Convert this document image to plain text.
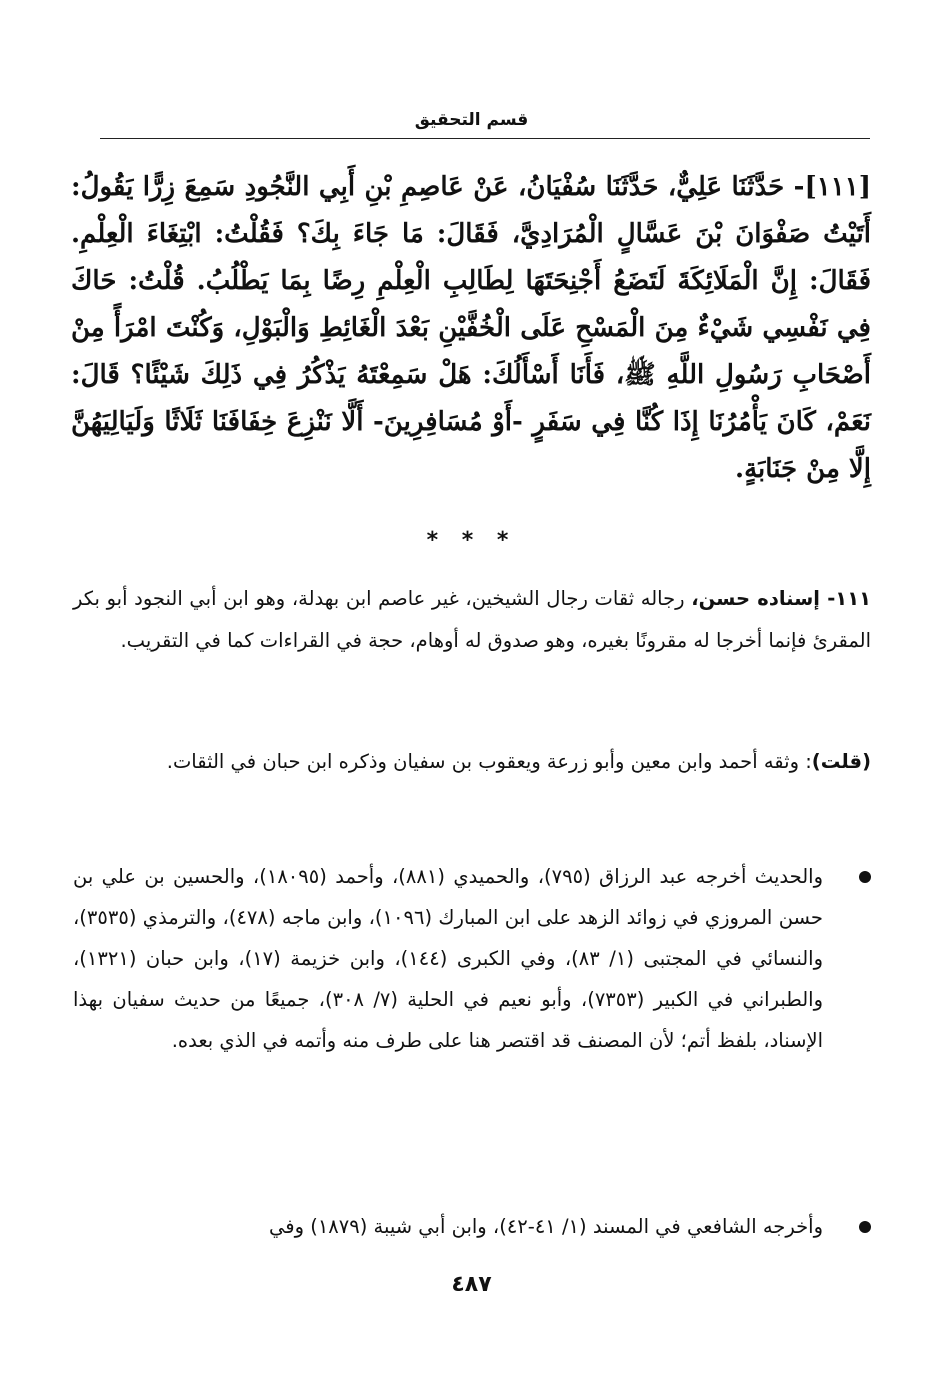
قسم التحقيق

[١١١]- حَدَّثَنَا عَلِيٌّ، حَدَّثَنَا سُفْيَانُ، عَنْ عَاصِمِ بْنِ أَبِي النَّجُودِ سَمِعَ زِرًّا يَقُولُ: أَتَيْتُ صَفْوَانَ بْنَ عَسَّالٍ الْمُرَادِيَّ، فَقَالَ: مَا جَاءَ بِكَ؟ فَقُلْتُ: ابْتِغَاءَ الْعِلْمِ. فَقَالَ: إِنَّ الْمَلَائِكَةَ لَتَضَعُ أَجْنِحَتَهَا لِطَالِبِ الْعِلْمِ رِضًا بِمَا يَطْلُبُ. قُلْتُ: حَاكَ فِي نَفْسِي شَيْءٌ مِنَ الْمَسْحِ عَلَى الْخُفَّيْنِ بَعْدَ الْغَائِطِ وَالْبَوْلِ، وَكُنْتَ امْرَأً مِنْ أَصْحَابِ رَسُولِ اللَّهِ ﷺ، فَأَنَا أَسْأَلُكَ: هَلْ سَمِعْتَهُ يَذْكُرُ فِي ذَلِكَ شَيْئًا؟ قَالَ: نَعَمْ، كَانَ يَأْمُرُنَا إِذَا كُنَّا فِي سَفَرٍ -أَوْ مُسَافِرِينَ- أَلَّا نَنْزِعَ خِفَافَنَا ثَلَاثًا وَلَيَالِيَهُنَّ إِلَّا مِنْ جَنَابَةٍ.

* * *

١١١- إسناده حسن، رجاله ثقات رجال الشيخين، غير عاصم ابن بهدلة، وهو ابن أبي النجود أبو بكر المقرئ فإنما أخرجا له مقرونًا بغيره، وهو صدوق له أوهام، حجة في القراءات كما في التقريب.

(قلت): وثقه أحمد وابن معين وأبو زرعة ويعقوب بن سفيان وذكره ابن حبان في الثقات.

والحديث أخرجه عبد الرزاق (٧٩٥)، والحميدي (٨٨١)، وأحمد (١٨٠٩٥)، والحسين بن علي بن حسن المروزي في زوائد الزهد على ابن المبارك (١٠٩٦)، وابن ماجه (٤٧٨)، والترمذي (٣٥٣٥)، والنسائي في المجتبى (١/ ٨٣)، وفي الكبرى (١٤٤)، وابن خزيمة (١٧)، وابن حبان (١٣٢١)، والطبراني في الكبير (٧٣٥٣)، وأبو نعيم في الحلية (٧/ ٣٠٨)، جميعًا من حديث سفيان بهذا الإسناد، بلفظ أتم؛ لأن المصنف قد اقتصر هنا على طرف منه وأتمه في الذي بعده.
وأخرجه الشافعي في المسند (١/ ٤١-٤٢)، وابن أبي شيبة (١٨٧٩) وفي
٤٨٧
